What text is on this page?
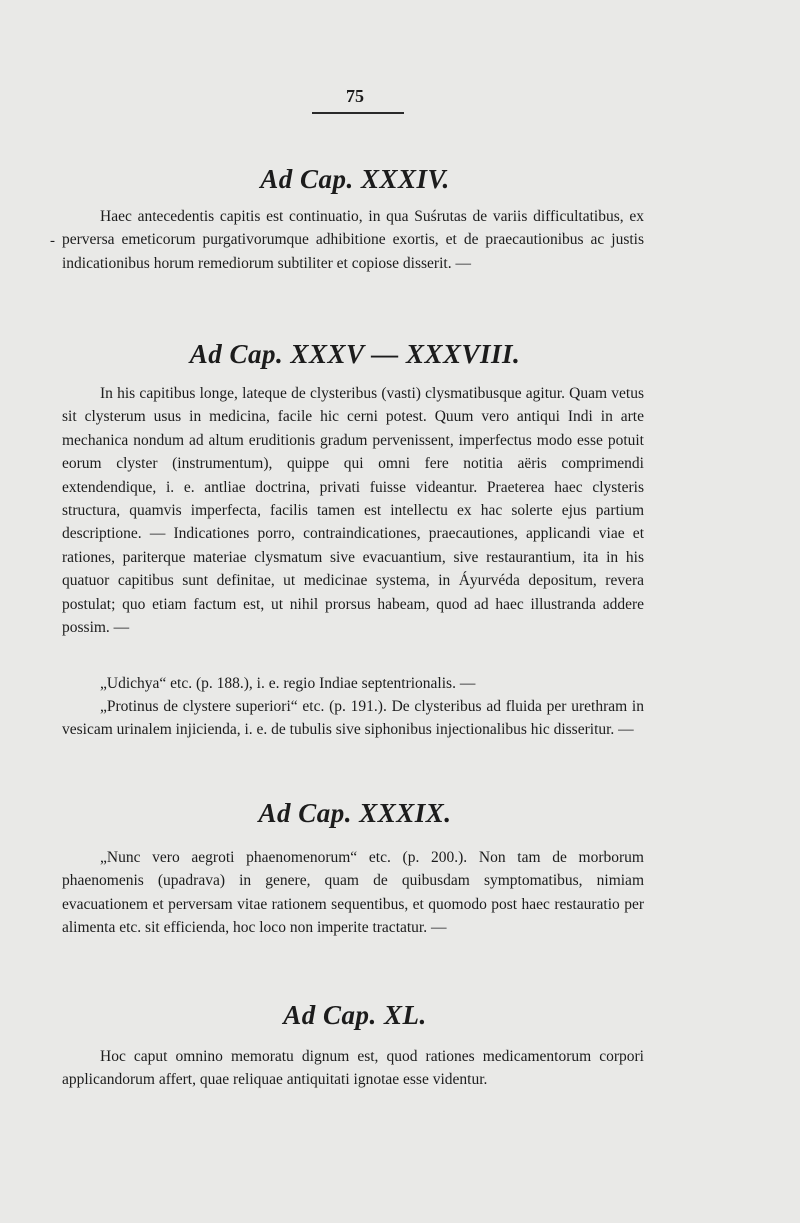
75
Ad Cap. XXXIV.
-

Haec antecedentis capitis est continuatio, in qua Suśrutas de variis difficultatibus, ex perversa emeticorum purgativorumque adhibitione exortis, et de praecautionibus ac justis indicationibus horum remediorum subtiliter et copiose disserit. —

Ad Cap. XXXV — XXXVIII.

In his capitibus longe, lateque de clysteribus (vasti) clysmatibusque agitur. Quam vetus sit clysterum usus in medicina, facile hic cerni potest. Quum vero antiqui Indi in arte mechanica nondum ad altum eruditionis gradum pervenissent, imperfectus modo esse potuit eorum clyster (instrumentum), quippe qui omni fere notitia aëris comprimendi extendendique, i. e. antliae doctrina, privati fuisse videantur. Praeterea haec clysteris structura, quamvis imperfecta, facilis tamen est intellectu ex hac solerte ejus partium descriptione. — Indicationes porro, contraindicationes, praecautiones, applicandi viae et rationes, pariterque materiae clysmatum sive evacuantium, sive restaurantium, ita in his quatuor capitibus sunt definitae, ut medicinae systema, in Áyurvéda depositum, revera postulat; quo etiam factum est, ut nihil prorsus habeam, quod ad haec illustranda addere possim. —

„Udichya“ etc. (p. 188.), i. e. regio Indiae septentrionalis. —

„Protinus de clystere superiori“ etc. (p. 191.). De clysteribus ad fluida per urethram in vesicam urinalem injicienda, i. e. de tubulis sive siphonibus injectionalibus hic disseritur. —

Ad Cap. XXXIX.

„Nunc vero aegroti phaenomenorum“ etc. (p. 200.). Non tam de morborum phaenomenis (upadrava) in genere, quam de quibusdam symptomatibus, nimiam evacuationem et perversam vitae rationem sequentibus, et quomodo post haec restauratio per alimenta etc. sit efficienda, hoc loco non imperite tractatur. —

Ad Cap. XL.

Hoc caput omnino memoratu dignum est, quod rationes medicamentorum corpori applicandorum affert, quae reliquae antiquitati ignotae esse videntur.
